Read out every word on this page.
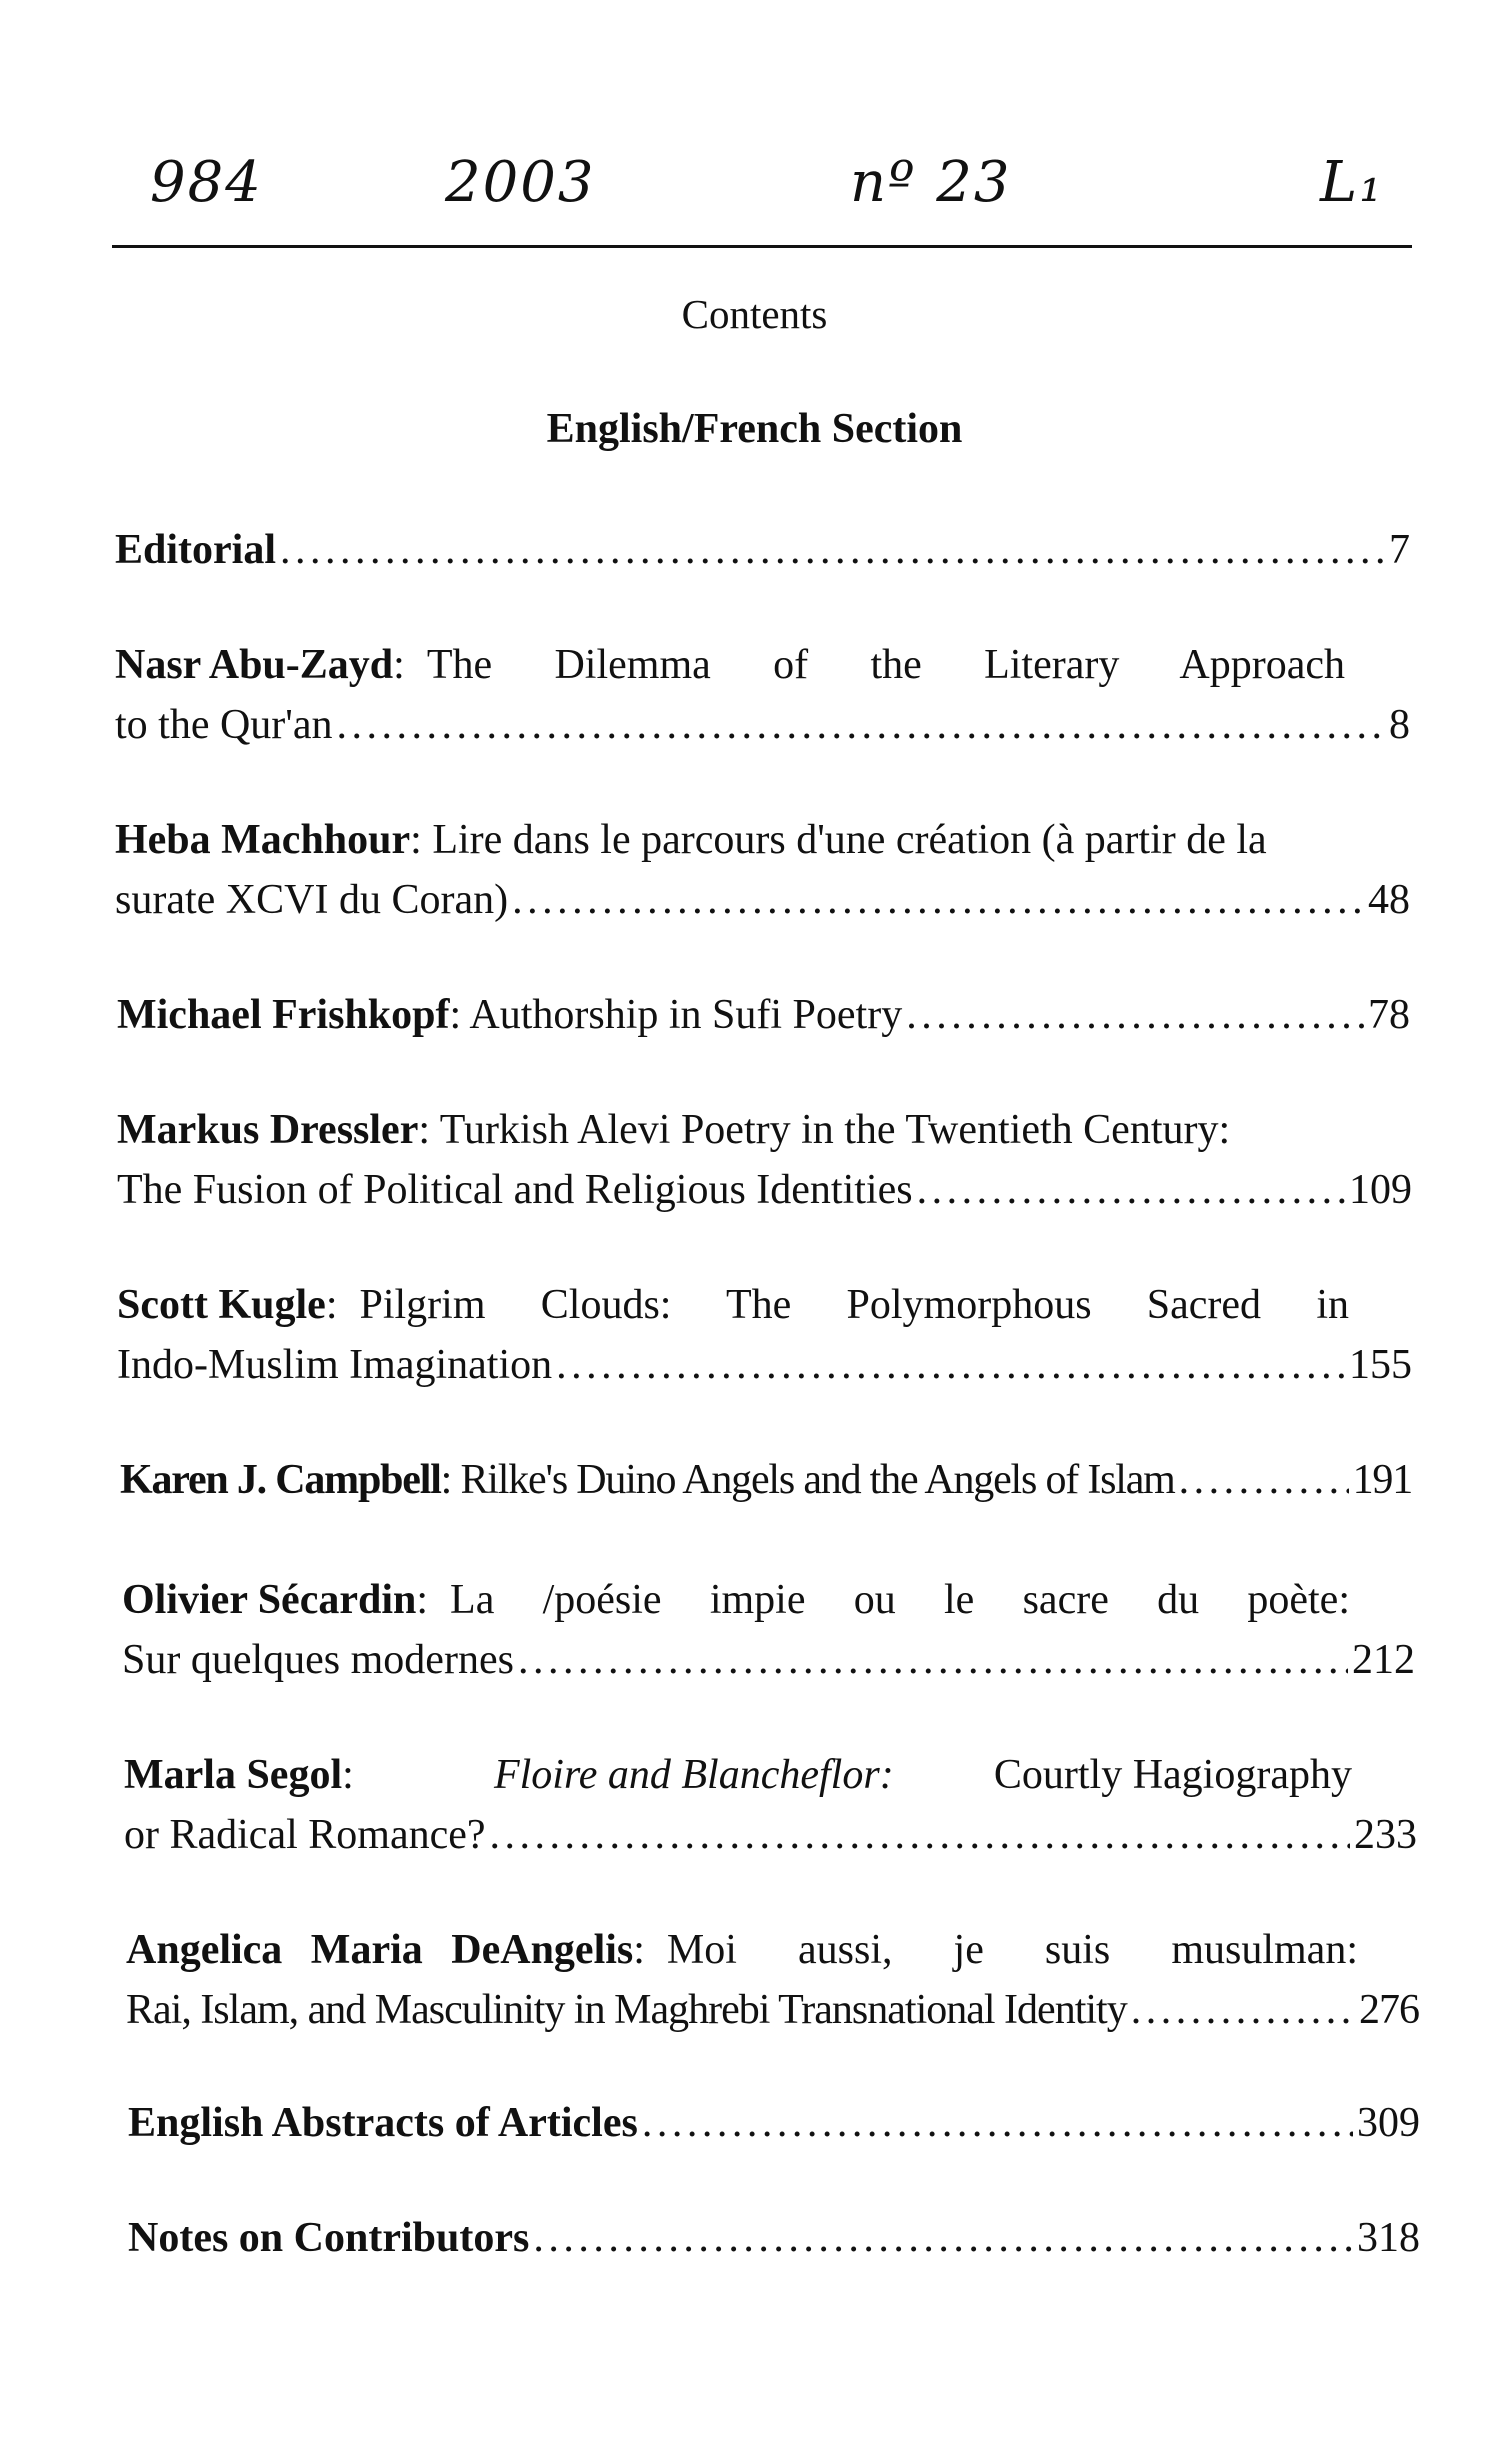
984	2003	nº 23	L₁
Contents
English/French Section
Editorial . . .	7
Nasr Abu-Zayd: The Dilemma of the Literary Approach
to the Qur'an . . .	8
Heba Machhour: Lire dans le parcours d'une création (à partir de la
surate XCVI du Coran) . . .	48
Michael Frishkopf: Authorship in Sufi Poetry . . .	78
Markus Dressler: Turkish Alevi Poetry in the Twentieth Century:
The Fusion of Political and Religious Identities . . .	109
Scott Kugle: Pilgrim Clouds: The Polymorphous Sacred in
Indo-Muslim Imagination . . .	155
Karen J. Campbell: Rilke's Duino Angels and the Angels of Islam . . .	191
Olivier Sécardin: La /poésie impie ou le sacre du poète:
Sur quelques modernes . . .	212
Marla Segol:	Floire and Blancheflor: Courtly Hagiography
or Radical Romance? . . .	233
Angelica Maria DeAngelis: Moi aussi, je suis musulman:
Rai, Islam, and Masculinity in Maghrebi Transnational Identity . . .	276
English Abstracts of Articles . . .	309
Notes on Contributors . . .	318
